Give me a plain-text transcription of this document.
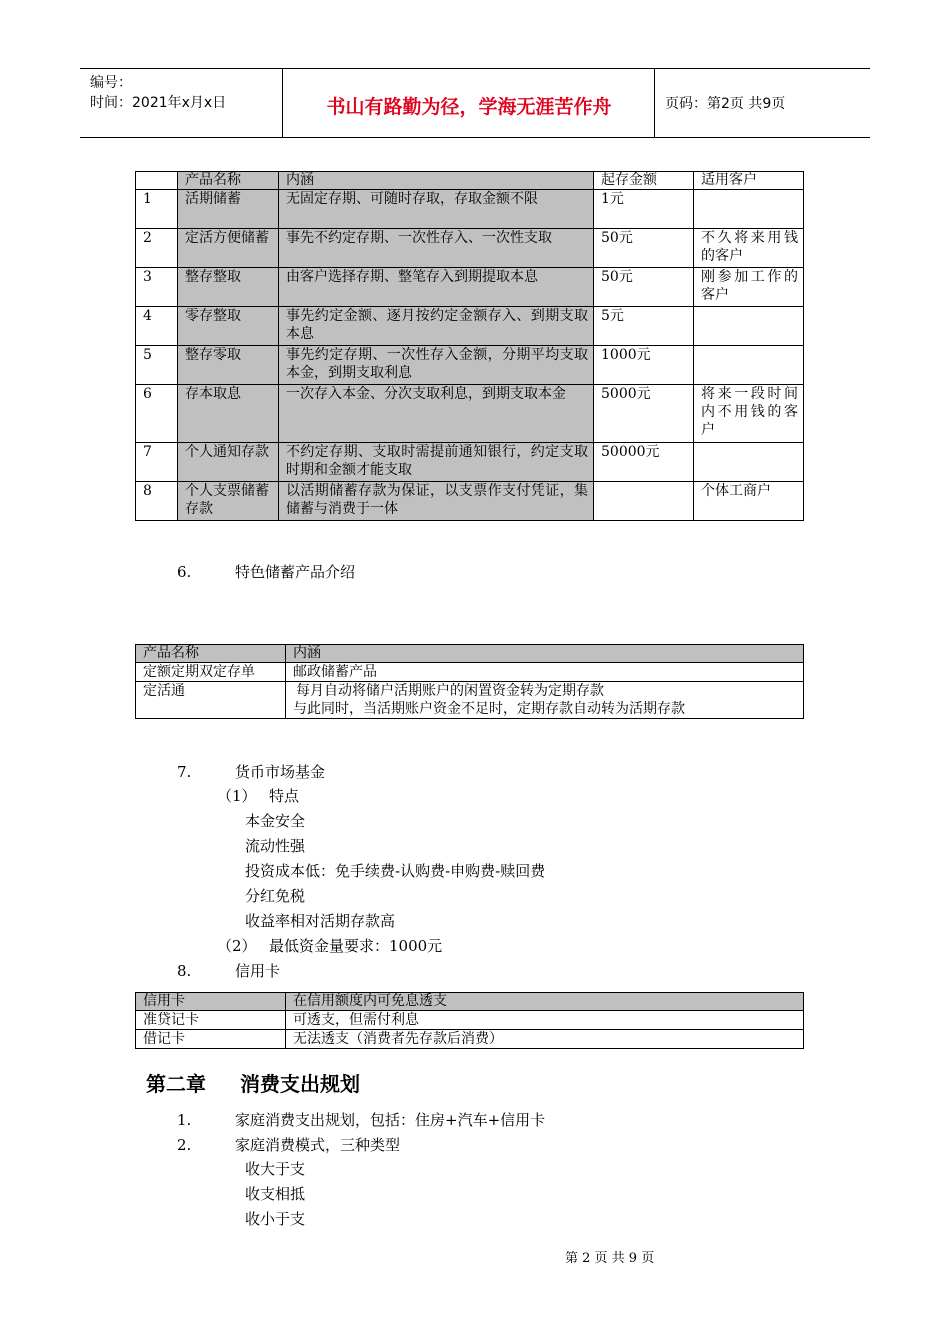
编号：
时间：2021年x月x日	书山有路勤为径，学海无涯苦作舟	页码：第2页 共9页
	产品名称	内涵	起存金额	适用客户
1	活期储蓄	无固定存期、可随时存取，存取金额不限	1元	
2	定活方便储蓄	事先不约定存期、一次性存入、一次性支取	50元	不久将来用钱的客户
3	整存整取	由客户选择存期、整笔存入到期提取本息	50元	刚参加工作的客户
4	零存整取	事先约定金额、逐月按约定金额存入、到期支取本息	5元	
5	整存零取	事先约定存期、一次性存入金额，分期平均支取本金，到期支取利息	1000元	
6	存本取息	一次存入本金、分次支取利息，到期支取本金	5000元	将来一段时间内不用钱的客户
7	个人通知存款	不约定存期、支取时需提前通知银行，约定支取时期和金额才能支取	50000元	
8	个人支票储蓄存款	以活期储蓄存款为保证，以支票作支付凭证，集储蓄与消费于一体		个体工商户
6.	特色储蓄产品介绍
产品名称	内涵
定额定期双定存单	邮政储蓄产品
定活通	每月自动将储户活期账户的闲置资金转为定期存款
与此同时，当活期账户资金不足时，定期存款自动转为活期存款
7.	货币市场基金
（1） 特点
本金安全
流动性强
投资成本低：免手续费-认购费-申购费-赎回费
分红免税
收益率相对活期存款高
（2） 最低资金量要求：1000元
8.	信用卡
信用卡	在信用额度内可免息透支
准贷记卡	可透支，但需付利息
借记卡	无法透支（消费者先存款后消费）
第二章 消费支出规划
1.	家庭消费支出规划，包括：住房+汽车+信用卡
2.	家庭消费模式，三种类型
收大于支
收支相抵
收小于支
第 2 页 共 9 页
